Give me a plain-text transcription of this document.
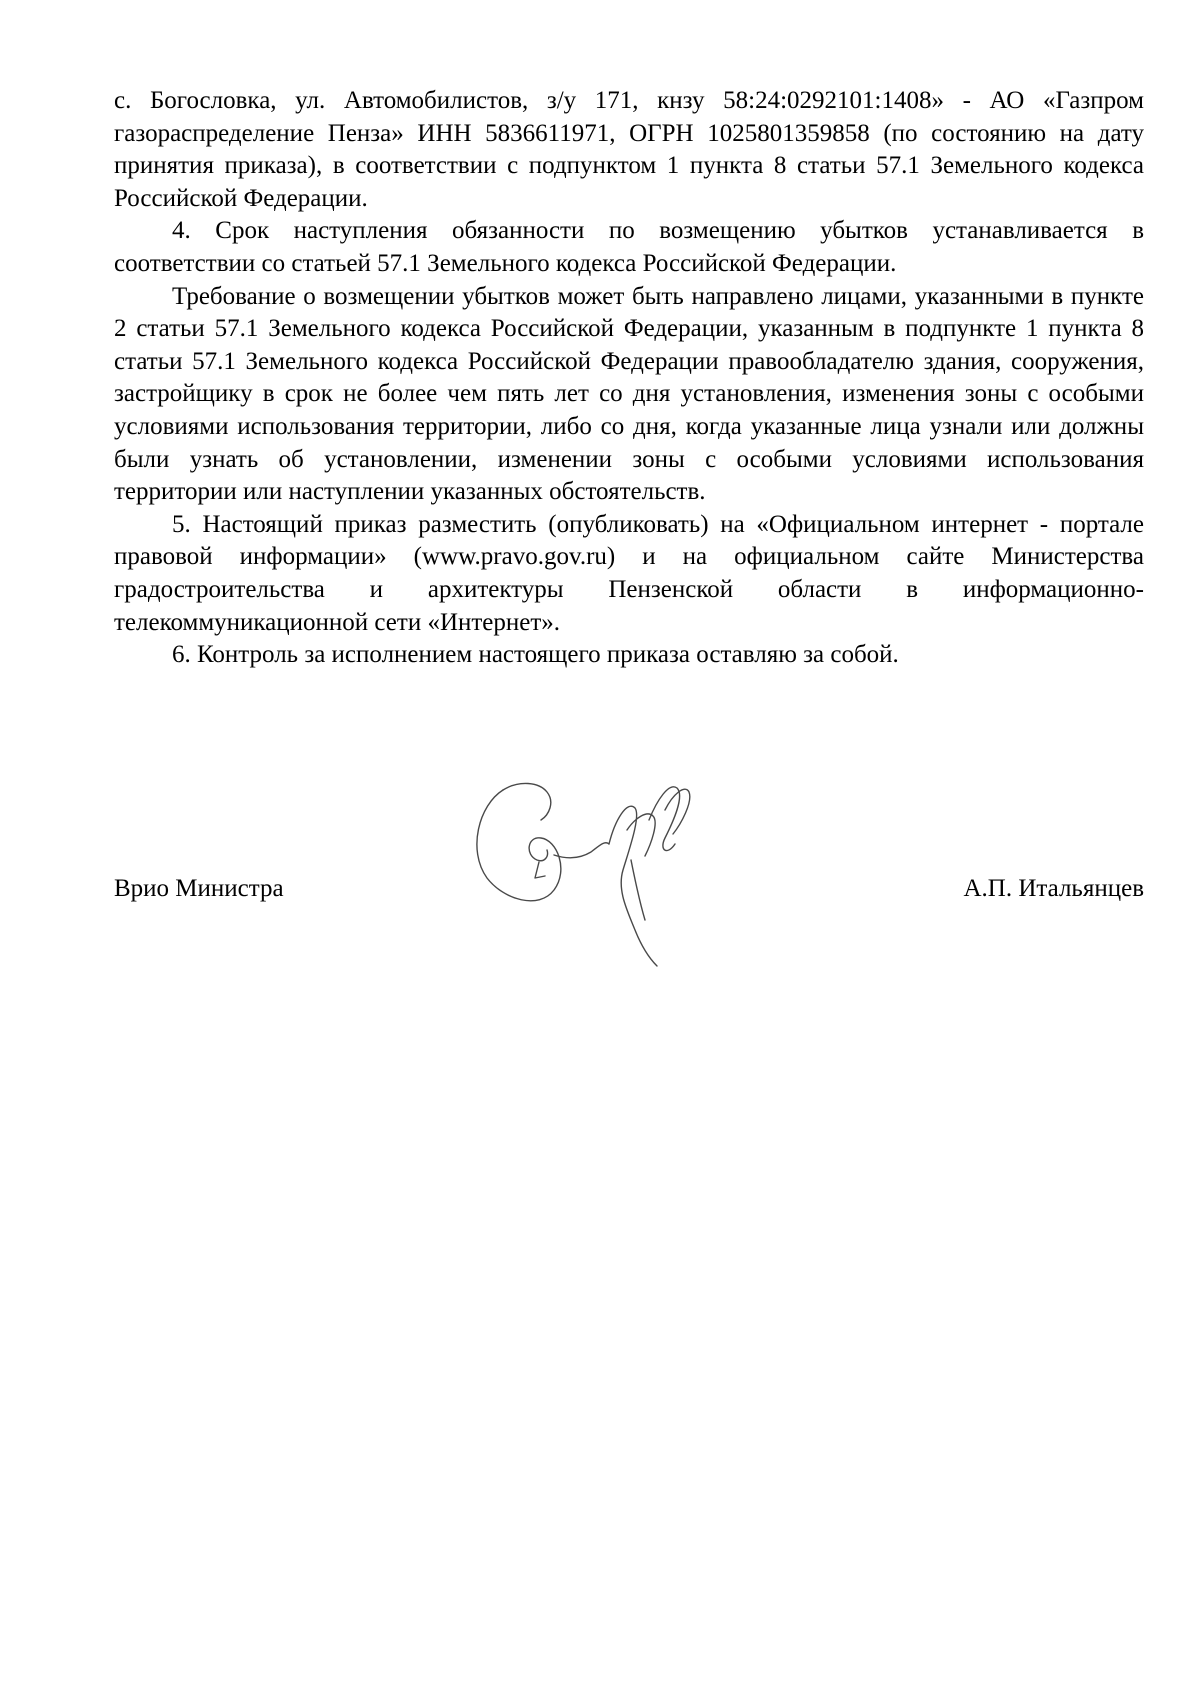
с. Богословка, ул. Автомобилистов, з/у 171, кнзу 58:24:0292101:1408» - АО «Газпром газораспределение Пенза» ИНН 5836611971, ОГРН 1025801359858 (по состоянию на дату принятия приказа), в соответствии с подпунктом 1 пункта 8 статьи 57.1 Земельного кодекса Российской Федерации.

4. Срок наступления обязанности по возмещению убытков устанавливается в соответствии со статьей 57.1 Земельного кодекса Российской Федерации.

Требование о возмещении убытков может быть направлено лицами, указанными в пункте 2 статьи 57.1 Земельного кодекса Российской Федерации, указанным в подпункте 1 пункта 8 статьи 57.1 Земельного кодекса Российской Федерации правообладателю здания, сооружения, застройщику в срок не более чем пять лет со дня установления, изменения зоны с особыми условиями использования территории, либо со дня, когда указанные лица узнали или должны были узнать об установлении, изменении зоны с особыми условиями использования территории или наступлении указанных обстоятельств.

5. Настоящий приказ разместить (опубликовать) на «Официальном интернет - портале правовой информации» (www.pravo.gov.ru) и на официальном сайте Министерства градостроительства и архитектуры Пензенской области в информационно-телекоммуникационной сети «Интернет».

6. Контроль за исполнением настоящего приказа оставляю за собой.

Врио Министра	А.П. Итальянцев
